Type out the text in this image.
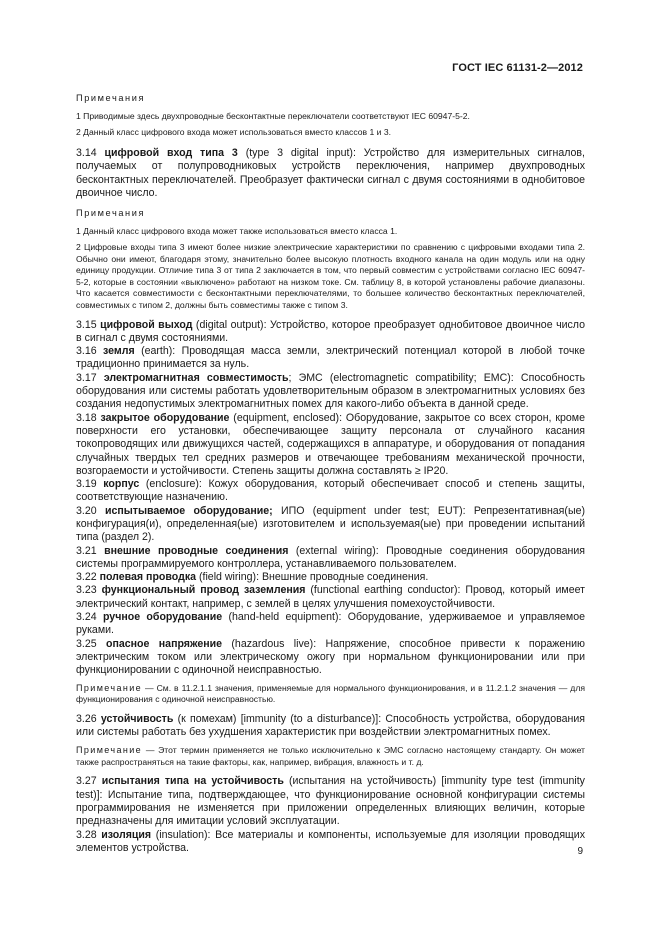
ГОСТ IEC 61131-2—2012

Примечания

1 Приводимые здесь двухпроводные бесконтактные переключатели соответствуют IEC 60947-5-2.

2 Данный класс цифрового входа может использоваться вместо классов 1 и 3.

3.14 цифровой вход типа 3 (type 3 digital input): Устройство для измерительных сигналов, получаемых от полупроводниковых устройств переключения, например двухпроводных бесконтактных переключателей. Преобразует фактически сигнал с двумя состояниями в однобитовое двоичное число.

Примечания

1 Данный класс цифрового входа может также использоваться вместо класса 1.

2 Цифровые входы типа 3 имеют более низкие электрические характеристики по сравнению с цифровыми входами типа 2. Обычно они имеют, благодаря этому, значительно более высокую плотность входного канала на один модуль или на одну единицу продукции. Отличие типа 3 от типа 2 заключается в том, что первый совместим с устройствами согласно IEC 60947-5-2, которые в состоянии «выключено» работают на низком токе. См. таблицу 8, в которой установлены рабочие диапазоны. Что касается совместимости с бесконтактными переключателями, то большее количество бесконтактных переключателей, совместимых с типом 2, должны быть совместимы также с типом 3.

3.15 цифровой выход (digital output): Устройство, которое преобразует однобитовое двоичное число в сигнал с двумя состояниями.

3.16 земля (earth): Проводящая масса земли, электрический потенциал которой в любой точке традиционно принимается за нуль.

3.17 электромагнитная совместимость; ЭМС (electromagnetic compatibility; EMC): Способность оборудования или системы работать удовлетворительным образом в электромагнитных условиях без создания недопустимых электромагнитных помех для какого-либо объекта в данной среде.

3.18 закрытое оборудование (equipment, enclosed): Оборудование, закрытое со всех сторон, кроме поверхности его установки, обеспечивающее защиту персонала от случайного касания токопроводящих или движущихся частей, содержащихся в аппаратуре, и оборудования от попадания случайных твердых тел средних размеров и отвечающее требованиям механической прочности, возгораемости и устойчивости. Степень защиты должна составлять ≥ IP20.

3.19 корпус (enclosure): Кожух оборудования, который обеспечивает способ и степень защиты, соответствующие назначению.

3.20 испытываемое оборудование; ИПО (equipment under test; EUT): Репрезентативная(ые) конфигурация(и), определенная(ые) изготовителем и используемая(ые) при проведении испытаний типа (раздел 2).

3.21 внешние проводные соединения (external wiring): Проводные соединения оборудования системы программируемого контроллера, устанавливаемого пользователем.

3.22 полевая проводка (field wiring): Внешние проводные соединения.

3.23 функциональный провод заземления (functional earthing conductor): Провод, который имеет электрический контакт, например, с землей в целях улучшения помехоустойчивости.

3.24 ручное оборудование (hand-held equipment): Оборудование, удерживаемое и управляемое руками.

3.25 опасное напряжение (hazardous live): Напряжение, способное привести к поражению электрическим током или электрическому ожогу при нормальном функционировании или при функционировании с одиночной неисправностью.

Примечание — См. в 11.2.1.1 значения, применяемые для нормального функционирования, и в 11.2.1.2 значения — для функционирования с одиночной неисправностью.

3.26 устойчивость (к помехам) [immunity (to a disturbance)]: Способность устройства, оборудования или системы работать без ухудшения характеристик при воздействии электромагнитных помех.

Примечание — Этот термин применяется не только исключительно к ЭМС согласно настоящему стандарту. Он может также распространяться на такие факторы, как, например, вибрация, влажность и т. д.

3.27 испытания типа на устойчивость (испытания на устойчивость) [immunity type test (immunity test)]: Испытание типа, подтверждающее, что функционирование основной конфигурации системы программирования не изменяется при приложении определенных влияющих величин, которые предназначены для имитации условий эксплуатации.

3.28 изоляция (insulation): Все материалы и компоненты, используемые для изоляции проводящих элементов устройства.	9
